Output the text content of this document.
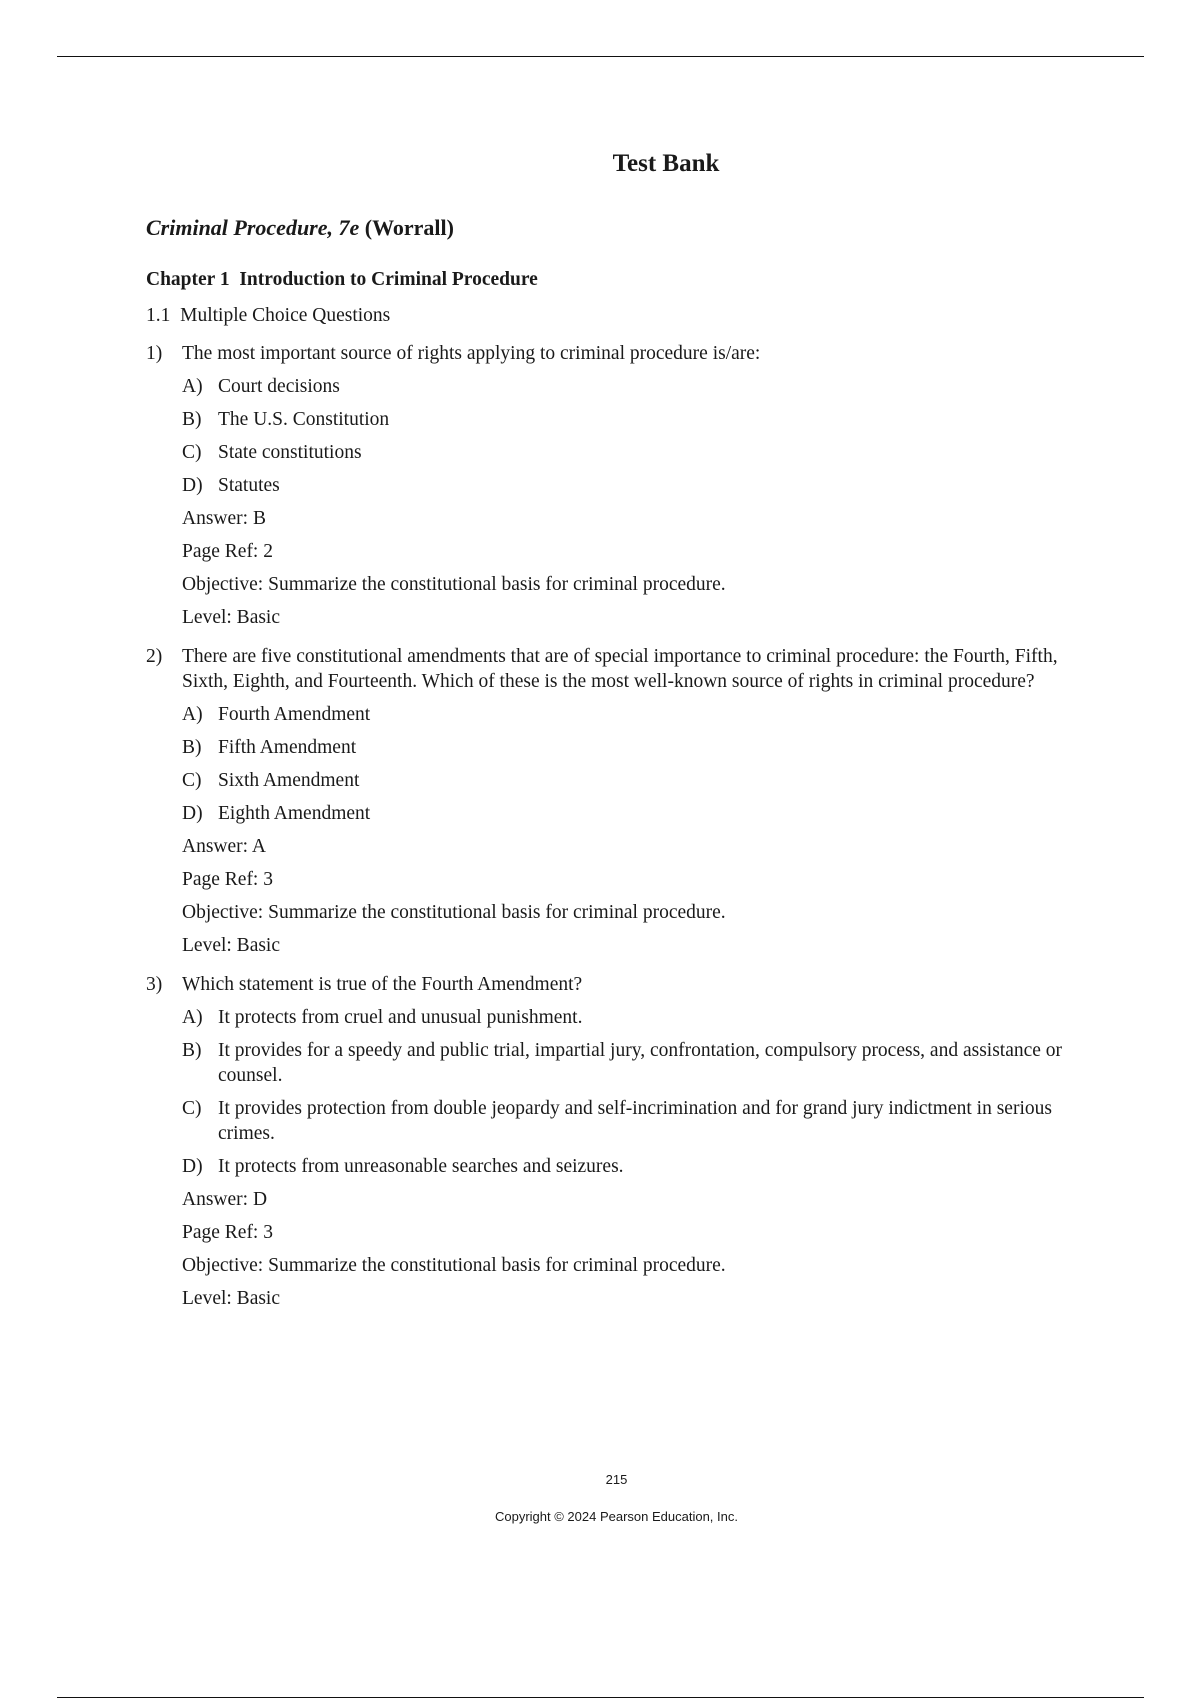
Test Bank
Criminal Procedure, 7e (Worrall)
Chapter 1  Introduction to Criminal Procedure
1.1  Multiple Choice Questions
1)	The most important source of rights applying to criminal procedure is/are:
A) Court decisions
B) The U.S. Constitution
C) State constitutions
D) Statutes
Answer: B
Page Ref: 2
Objective: Summarize the constitutional basis for criminal procedure.
Level: Basic
2)	There are five constitutional amendments that are of special importance to criminal procedure: the Fourth, Fifth, Sixth, Eighth, and Fourteenth. Which of these is the most well-known source of rights in criminal procedure?
A) Fourth Amendment
B) Fifth Amendment
C) Sixth Amendment
D) Eighth Amendment
Answer: A
Page Ref: 3
Objective: Summarize the constitutional basis for criminal procedure.
Level: Basic
3)	Which statement is true of the Fourth Amendment?
A) It protects from cruel and unusual punishment.
B) It provides for a speedy and public trial, impartial jury, confrontation, compulsory process, and assistance or counsel.
C) It provides protection from double jeopardy and self-incrimination and for grand jury indictment in serious crimes.
D) It protects from unreasonable searches and seizures.
Answer: D
Page Ref: 3
Objective: Summarize the constitutional basis for criminal procedure.
Level: Basic
215
Copyright © 2024 Pearson Education, Inc.
